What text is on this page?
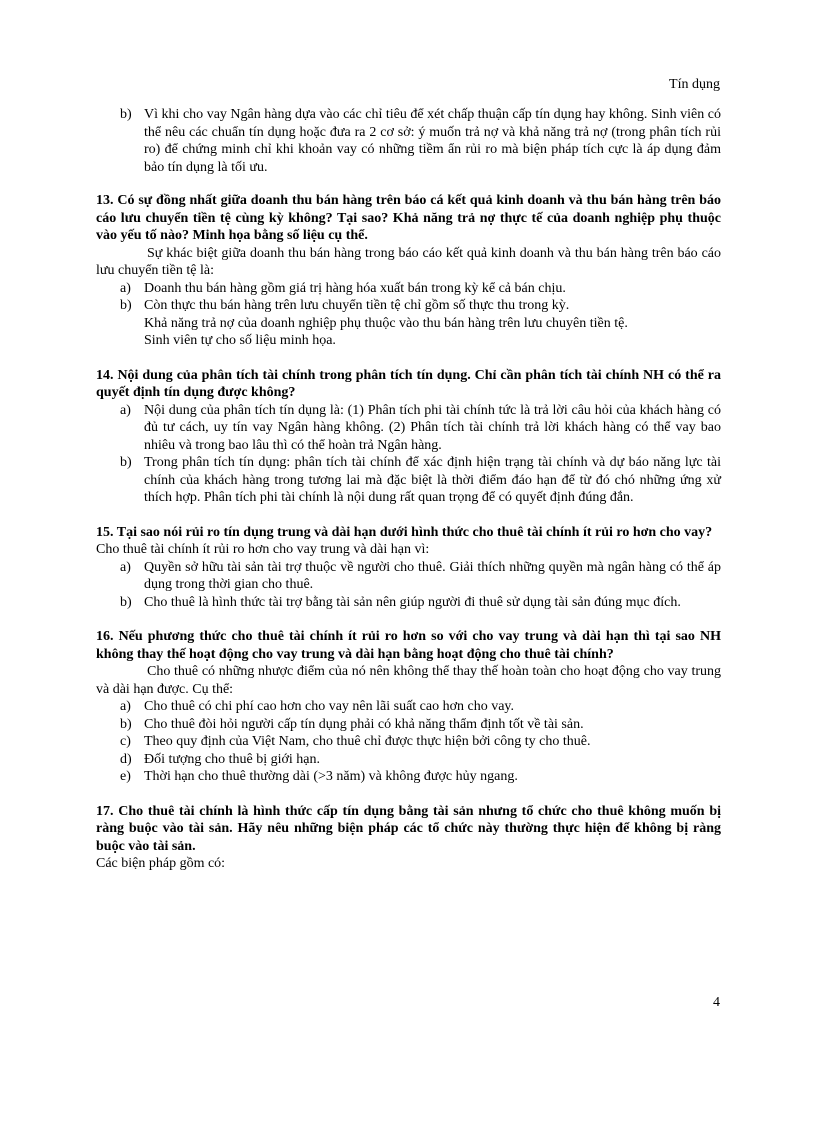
Tín dụng
b) Vì khi cho vay Ngân hàng dựa vào các chỉ tiêu để xét chấp thuận cấp tín dụng hay không. Sinh viên có thể nêu các chuẩn tín dụng hoặc đưa ra 2 cơ sở: ý muốn trả nợ và khả năng trả nợ (trong phân tích rủi ro) để chứng minh chỉ khi khoản vay có những tiềm ẩn rủi ro mà biện pháp tích cực là áp dụng đảm bảo tín dụng là tối ưu.
13. Có sự đồng nhất giữa doanh thu bán hàng trên báo cá kết quả kinh doanh và thu bán hàng trên báo cáo lưu chuyển tiền tệ cùng kỳ không? Tại sao? Khả năng trả nợ thực tế của doanh nghiệp phụ thuộc vào yếu tố nào? Minh họa bằng số liệu cụ thể.
Sự khác biệt giữa doanh thu bán hàng trong báo cáo kết quả kinh doanh và thu bán hàng trên báo cáo lưu chuyển tiền tệ là:
a) Doanh thu bán hàng gồm giá trị hàng hóa xuất bán trong kỳ kể cả bán chịu.
b) Còn thực thu bán hàng trên lưu chuyển tiền tệ chỉ gồm số thực thu trong kỳ.
Khả năng trả nợ của doanh nghiệp phụ thuộc vào thu bán hàng trên lưu chuyên tiền tệ.
Sinh viên tự cho số liệu minh họa.
14. Nội dung của phân tích tài chính trong phân tích tín dụng. Chỉ cần phân tích tài chính NH có thể ra quyết định tín dụng được không?
a) Nội dung của phân tích tín dụng là: (1) Phân tích phi tài chính tức là trả lời câu hỏi của khách hàng có đủ tư cách, uy tín vay Ngân hàng không. (2) Phân tích tài chính trả lời khách hàng có thể vay bao nhiêu và trong bao lâu thì có thể hoàn trả Ngân hàng.
b) Trong phân tích tín dụng: phân tích tài chính để xác định hiện trạng tài chính và dự báo năng lực tài chính của khách hàng trong tương lai mà đặc biệt là thời điểm đáo hạn để từ đó chó những ứng xử thích hợp. Phân tích phi tài chính là nội dung rất quan trọng để có quyết định đúng đắn.
15. Tại sao nói rủi ro tín dụng trung và dài hạn dưới hình thức cho thuê tài chính ít rủi ro hơn cho vay?
Cho thuê tài chính ít rủi ro hơn cho vay trung và dài hạn vì:
a) Quyền sở hữu tài sản tài trợ thuộc về người cho thuê. Giải thích những quyền mà ngân hàng có thể áp dụng trong thời gian cho thuê.
b) Cho thuê là hình thức tài trợ bằng tài sản nên giúp người đi thuê sử dụng tài sản đúng mục đích.
16. Nếu phương thức cho thuê tài chính ít rủi ro hơn so với cho vay trung và dài hạn thì tại sao NH không thay thế hoạt động cho vay trung và dài hạn bằng hoạt động cho thuê tài chính?
Cho thuê có những nhược điểm của nó nên không thể thay thế hoàn toàn cho hoạt động cho vay trung và dài hạn được. Cụ thể:
a) Cho thuê có chi phí cao hơn cho vay nên lãi suất cao hơn cho vay.
b) Cho thuê đòi hỏi người cấp tín dụng phải có khả năng thẩm định tốt về tài sản.
c) Theo quy định của Việt Nam, cho thuê chỉ được thực hiện bởi công ty cho thuê.
d) Đối tượng cho thuê bị giới hạn.
e) Thời hạn cho thuê thường dài (>3 năm) và không được hủy ngang.
17. Cho thuê tài chính là hình thức cấp tín dụng bằng tài sản nhưng tổ chức cho thuê không muốn bị ràng buộc vào tài sản. Hãy nêu những biện pháp các tổ chức này thường thực hiện để không bị ràng buộc vào tài sản.
Các biện pháp gồm có:
4
